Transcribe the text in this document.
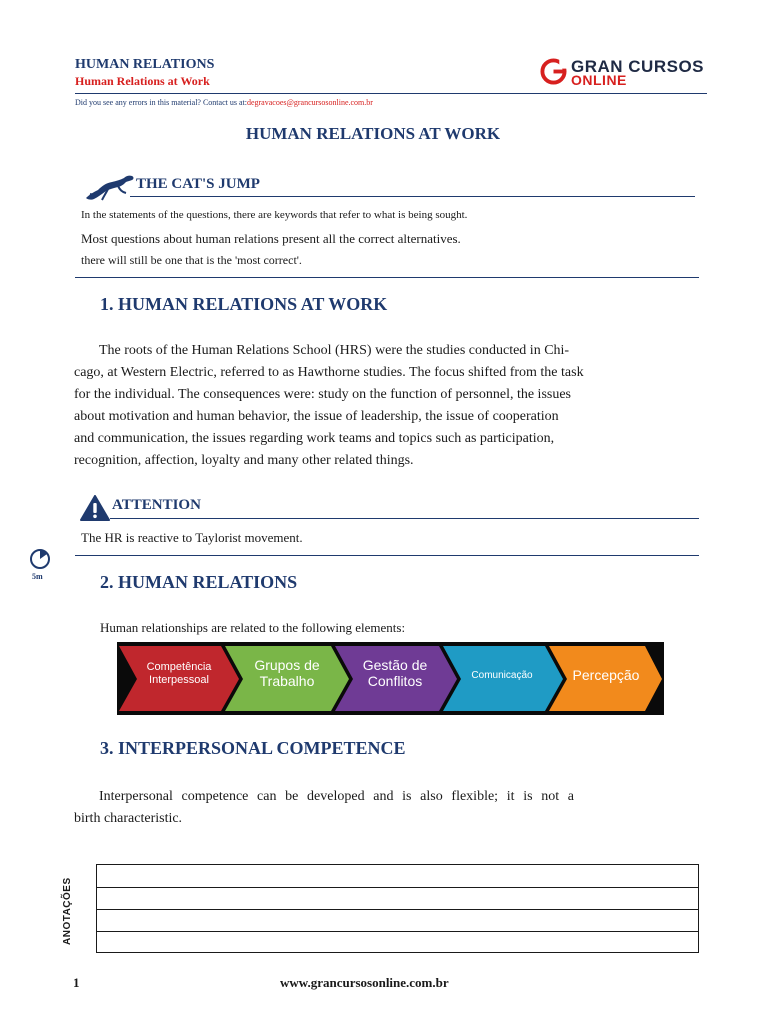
HUMAN RELATIONS
Human Relations at Work
GRAN CURSOS
ONLINE
Did you see any errors in this material? Contact us at:degravacoes@grancursosonline.com.br
HUMAN RELATIONS AT WORK
THE CAT'S JUMP
In the statements of the questions, there are keywords that refer to what is being sought.
Most questions about human relations present all the correct alternatives.
there will still be one that is the 'most correct'.
1. HUMAN RELATIONS AT WORK
The roots of the Human Relations School (HRS) were the studies conducted in Chi-
cago, at Western Electric, referred to as Hawthorne studies. The focus shifted from the task
for the individual. The consequences were: study on the function of personnel, the issues
about motivation and human behavior, the issue of leadership, the issue of cooperation
and communication, the issues regarding work teams and topics such as participation,
recognition, affection, loyalty and many other related things.
ATTENTION
The HR is reactive to Taylorist movement.
5m	2. HUMAN RELATIONS
Human relationships are related to the following elements:
Competência
Interpessoal
Grupos de
Trabalho
Gestão de
Conflitos	Comunicação	Percepção
3. INTERPERSONAL COMPETENCE
Interpersonal competence can be developed and is also flexible; it is not a
birth characteristic.
ANOTAÇÕES
1	www.grancursosonline.com.br
